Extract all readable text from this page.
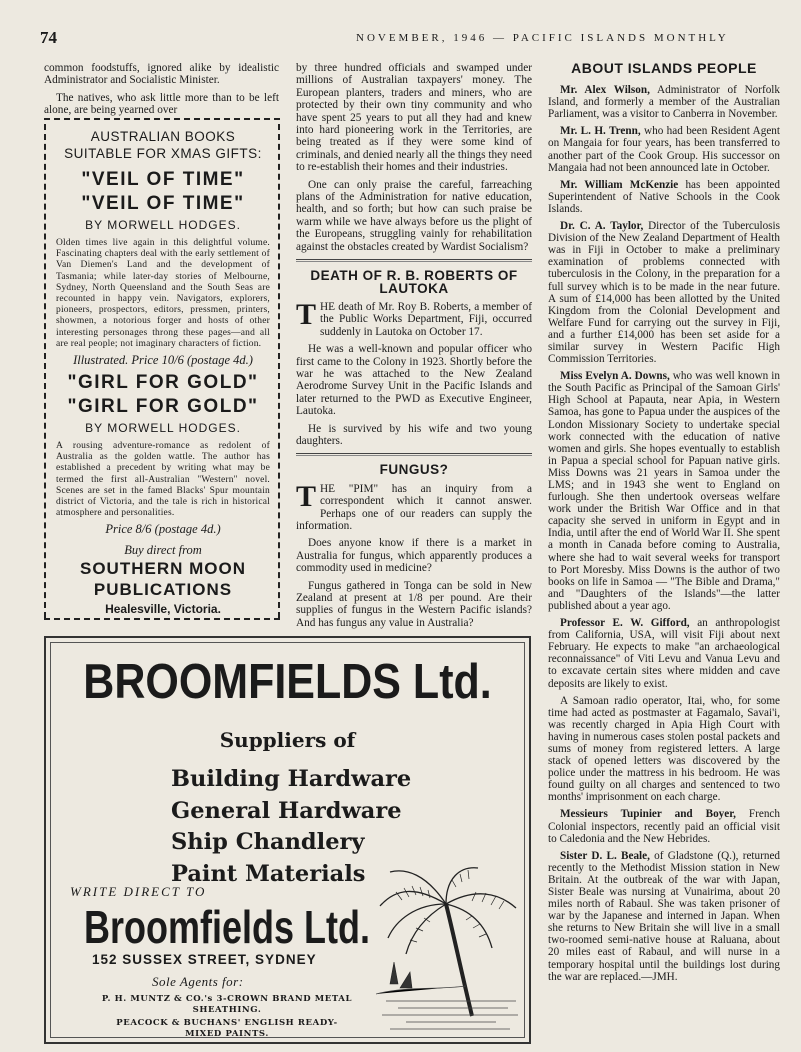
74	NOVEMBER, 1946 — PACIFIC ISLANDS MONTHLY

common foodstuffs, ignored alike by idealistic Administrator and Socialistic Minister.

The natives, who ask little more than to be left alone, are being yearned over

AUSTRALIAN BOOKS
SUITABLE FOR XMAS GIFTS:
"VEIL OF TIME"
"VEIL OF TIME"
BY MORWELL HODGES.
Olden times live again in this delightful volume. Fascinating chapters deal with the early settlement of Van Diemen's Land and the development of Tasmania; while later-day stories of Melbourne, Sydney, North Queensland and the South Seas are recounted in happy vein. Navigators, explorers, pioneers, prospectors, editors, pressmen, printers, showmen, a notorious forger and hosts of other interesting personages throng these pages—and all are real people; not imaginary characters of fiction.
Illustrated. Price 10/6 (postage 4d.)
"GIRL FOR GOLD"
"GIRL FOR GOLD"
BY MORWELL HODGES.
A rousing adventure-romance as redolent of Australia as the golden wattle. The author has established a precedent by writing what may be termed the first all-Australian "Western" novel. Scenes are set in the famed Blacks' Spur mountain district of Victoria, and the tale is rich in historical atmosphere and personalities.
Price 8/6 (postage 4d.)
Buy direct from
SOUTHERN MOON
PUBLICATIONS
Healesville, Victoria.

by three hundred officials and swamped under millions of Australian taxpayers' money. The European planters, traders and miners, who are protected by their own tiny community and who have spent 25 years to put all they had and knew into hard pioneering work in the Territories, are being treated as if they were some kind of criminals, and denied nearly all the things they need to re-establish their homes and their industries.

One can only praise the careful, farreaching plans of the Administration for native education, health, and so forth; but how can such praise be warm while we have always before us the plight of the Europeans, struggling vainly for rehabilitation against the obstacles created by Wardist Socialism?

DEATH OF R. B. ROBERTS OF LAUTOKA

THE death of Mr. Roy B. Roberts, a member of the Public Works Department, Fiji, occurred suddenly in Lautoka on October 17.

He was a well-known and popular officer who first came to the Colony in 1923. Shortly before the war he was attached to the New Zealand Aerodrome Survey Unit in the Pacific Islands and later returned to the PWD as Executive Engineer, Lautoka.

He is survived by his wife and two young daughters.

FUNGUS?

THE "PIM" has an inquiry from a correspondent which it cannot answer. Perhaps one of our readers can supply the information.

Does anyone know if there is a market in Australia for fungus, which apparently produces a commodity used in medicine?

Fungus gathered in Tonga can be sold in New Zealand at present at 1/8 per pound. Are their supplies of fungus in the Western Pacific islands? And has fungus any value in Australia?

ABOUT ISLANDS PEOPLE

Mr. Alex Wilson, Administrator of Norfolk Island, and formerly a member of the Australian Parliament, was a visitor to Canberra in November.

Mr. L. H. Trenn, who had been Resident Agent on Mangaia for four years, has been transferred to another part of the Cook Group. His successor on Mangaia had not been announced late in October.

Mr. William McKenzie has been appointed Superintendent of Native Schools in the Cook Islands.

Dr. C. A. Taylor, Director of the Tuberculosis Division of the New Zealand Department of Health was in Fiji in October to make a preliminary examination of problems connected with tuberculosis in the Colony, in the preparation for a full survey which is to be made in the near future. A sum of £14,000 has been allotted by the United Kingdom from the Colonial Development and Welfare Fund for carrying out the survey in Fiji, and a further £14,000 has been set aside for a similar survey in Western Pacific High Commission Territories.

Miss Evelyn A. Downs, who was well known in the South Pacific as Principal of the Samoan Girls' High School at Papauta, near Apia, in Western Samoa, has gone to Papua under the auspices of the London Missionary Society to undertake special work connected with the education of native women and girls. She hopes eventually to establish in Papua a special school for Papuan native girls. Miss Downs was 21 years in Samoa under the LMS; and in 1943 she went to England on furlough. She then undertook overseas welfare work under the British War Office and in that capacity she served in uniform in Egypt and in India, until after the end of World War II. She spent a month in Canada before coming to Australia, where she had to wait several weeks for transport to Port Moresby. Miss Downs is the author of two books on life in Samoa — "The Bible and Drama," and "Daughters of the Islands"—the latter published about a year ago.

Professor E. W. Gifford, an anthropologist from California, USA, will visit Fiji about next February. He expects to make "an archaeological reconnaissance" of Viti Levu and Vanua Levu and to excavate certain sites where midden and cave deposits are likely to exist.

A Samoan radio operator, Itai, who, for some time had acted as postmaster at Fagamalo, Savai'i, was recently charged in Apia High Court with having in numerous cases stolen postal packets and sums of money from registered letters. A large stack of opened letters was discovered by the police under the mattress in his bedroom. He was found guilty on all charges and sentenced to two months' imprisonment on each charge.

Messieurs Tupinier and Boyer, French Colonial inspectors, recently paid an official visit to Caledonia and the New Hebrides.

Sister D. L. Beale, of Gladstone (Q.), returned recently to the Methodist Mission station in New Britain. At the outbreak of the war with Japan, Sister Beale was nursing at Vunairima, about 20 miles north of Rabaul. She was taken prisoner of war by the Japanese and interned in Japan. When she returns to New Britain she will live in a small two-roomed semi-native house at Raluana, about 20 miles east of Rabaul, and will nurse in a temporary hospital until the buildings lost during the war are replaced.—JMH.

BROOMFIELDS Ltd.
Suppliers of
Building Hardware
General Hardware
Ship Chandlery
Paint Materials
WRITE DIRECT TO
Broomfields Ltd.
152 SUSSEX STREET, SYDNEY
Sole Agents for:
P. H. MUNTZ & CO.'s 3-CROWN BRAND METAL
SHEATHING.
PEACOCK & BUCHANS' ENGLISH READY-
MIXED PAINTS.
